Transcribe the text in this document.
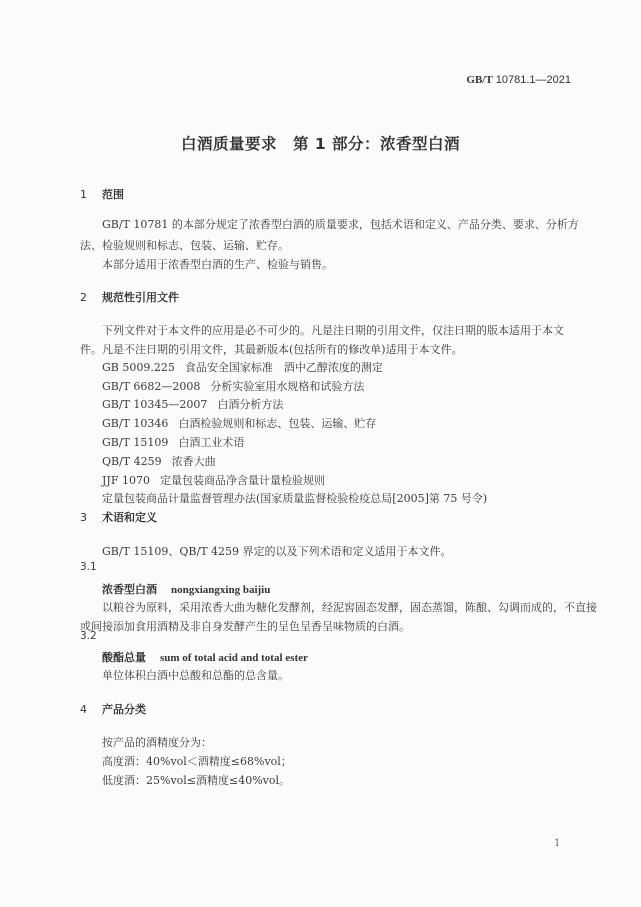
GB/T 10781.1—2021
白酒质量要求　第 1 部分：浓香型白酒
1 范围
GB/T 10781 的本部分规定了浓香型白酒的质量要求，包括术语和定义、产品分类、要求、分析方
法、检验规则和标志、包装、运输、贮存。
本部分适用于浓香型白酒的生产、检验与销售。
2 规范性引用文件
下列文件对于本文件的应用是必不可少的。凡是注日期的引用文件，仅注日期的版本适用于本文
件。凡是不注日期的引用文件，其最新版本(包括所有的修改单)适用于本文件。
GB 5009.225 食品安全国家标准　酒中乙醇浓度的测定
GB/T 6682—2008 分析实验室用水规格和试验方法
GB/T 10345—2007 白酒分析方法
GB/T 10346 白酒检验规则和标志、包装、运输、贮存
GB/T 15109 白酒工业术语
QB/T 4259 浓香大曲
JJF 1070 定量包装商品净含量计量检验规则
定量包装商品计量监督管理办法(国家质量监督检验检疫总局[2005]第 75 号令)
3 术语和定义
GB/T 15109、QB/T 4259 界定的以及下列术语和定义适用于本文件。
3.1
浓香型白酒 nongxiangxing baijiu
以粮谷为原料，采用浓香大曲为糖化发酵剂，经泥窖固态发酵，固态蒸馏，陈酿、勾调而成的，不直接
或间接添加食用酒精及非自身发酵产生的呈色呈香呈味物质的白酒。
3.2
酸酯总量 sum of total acid and total ester
单位体积白酒中总酸和总酯的总含量。
4 产品分类
按产品的酒精度分为：
高度酒：40%vol＜酒精度≤68%vol；
低度酒：25%vol≤酒精度≤40%vol。
1
